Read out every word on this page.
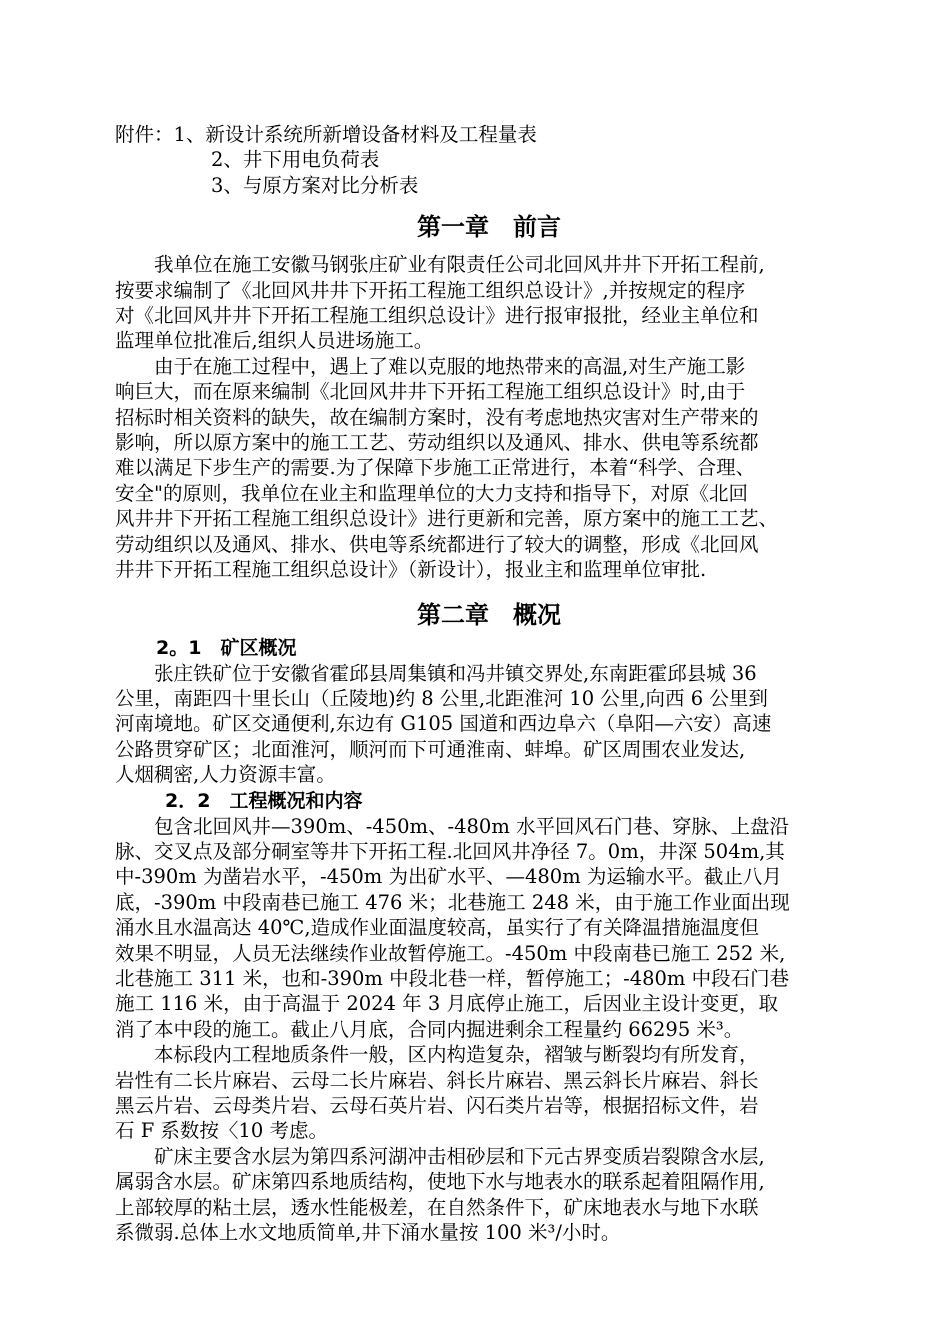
附件：1、新设计系统所新增设备材料及工程量表
2、井下用电负荷表
3、与原方案对比分析表
第一章　前言
我单位在施工安徽马钢张庄矿业有限责任公司北回风井井下开拓工程前,
按要求编制了《北回风井井下开拓工程施工组织总设计》,并按规定的程序
对《北回风井井下开拓工程施工组织总设计》进行报审报批，经业主单位和
监理单位批准后,组织人员进场施工。
由于在施工过程中，遇上了难以克服的地热带来的高温,对生产施工影
响巨大，而在原来编制《北回风井井下开拓工程施工组织总设计》时,由于
招标时相关资料的缺失，故在编制方案时，没有考虑地热灾害对生产带来的
影响，所以原方案中的施工工艺、劳动组织以及通风、排水、供电等系统都
难以满足下步生产的需要.为了保障下步施工正常进行，本着“科学、合理、
安全"的原则，我单位在业主和监理单位的大力支持和指导下，对原《北回
风井井下开拓工程施工组织总设计》进行更新和完善，原方案中的施工工艺、
劳动组织以及通风、排水、供电等系统都进行了较大的调整，形成《北回风
井井下开拓工程施工组织总设计》（新设计），报业主和监理单位审批.
第二章　概况
2。1　矿区概况
张庄铁矿位于安徽省霍邱县周集镇和冯井镇交界处,东南距霍邱县城 36
公里，南距四十里长山（丘陵地)约 8 公里,北距淮河 10 公里,向西 6 公里到
河南境地。矿区交通便利,东边有 G105 国道和西边阜六（阜阳—六安）高速
公路贯穿矿区；北面淮河，顺河而下可通淮南、蚌埠。矿区周围农业发达,
人烟稠密,人力资源丰富。
2．2　工程概况和内容
包含北回风井—390m、-450m、-480m 水平回风石门巷、穿脉、上盘沿
脉、交叉点及部分硐室等井下开拓工程.北回风井净径 7。0m，井深 504m,其
中-390m 为凿岩水平，-450m 为出矿水平、—480m 为运输水平。截止八月
底，-390m 中段南巷已施工 476 米；北巷施工 248 米，由于施工作业面出现
涌水且水温高达 40℃,造成作业面温度较高，虽实行了有关降温措施温度但
效果不明显，人员无法继续作业故暂停施工。-450m 中段南巷已施工 252 米,
北巷施工 311 米，也和-390m 中段北巷一样，暂停施工；-480m 中段石门巷
施工 116 米，由于高温于 2024 年 3 月底停止施工，后因业主设计变更，取
消了本中段的施工。截止八月底，合同内掘进剩余工程量约 66295 米³。
本标段内工程地质条件一般，区内构造复杂，褶皱与断裂均有所发育，
岩性有二长片麻岩、云母二长片麻岩、斜长片麻岩、黑云斜长片麻岩、斜长
黑云片岩、云母类片岩、云母石英片岩、闪石类片岩等，根据招标文件，岩
石 F 系数按〈10 考虑。
矿床主要含水层为第四系河湖冲击相砂层和下元古界变质岩裂隙含水层,
属弱含水层。矿床第四系地质结构，使地下水与地表水的联系起着阻隔作用,
上部较厚的粘土层，透水性能极差，在自然条件下，矿床地表水与地下水联
系微弱.总体上水文地质简单,井下涌水量按 100 米³/小时。
